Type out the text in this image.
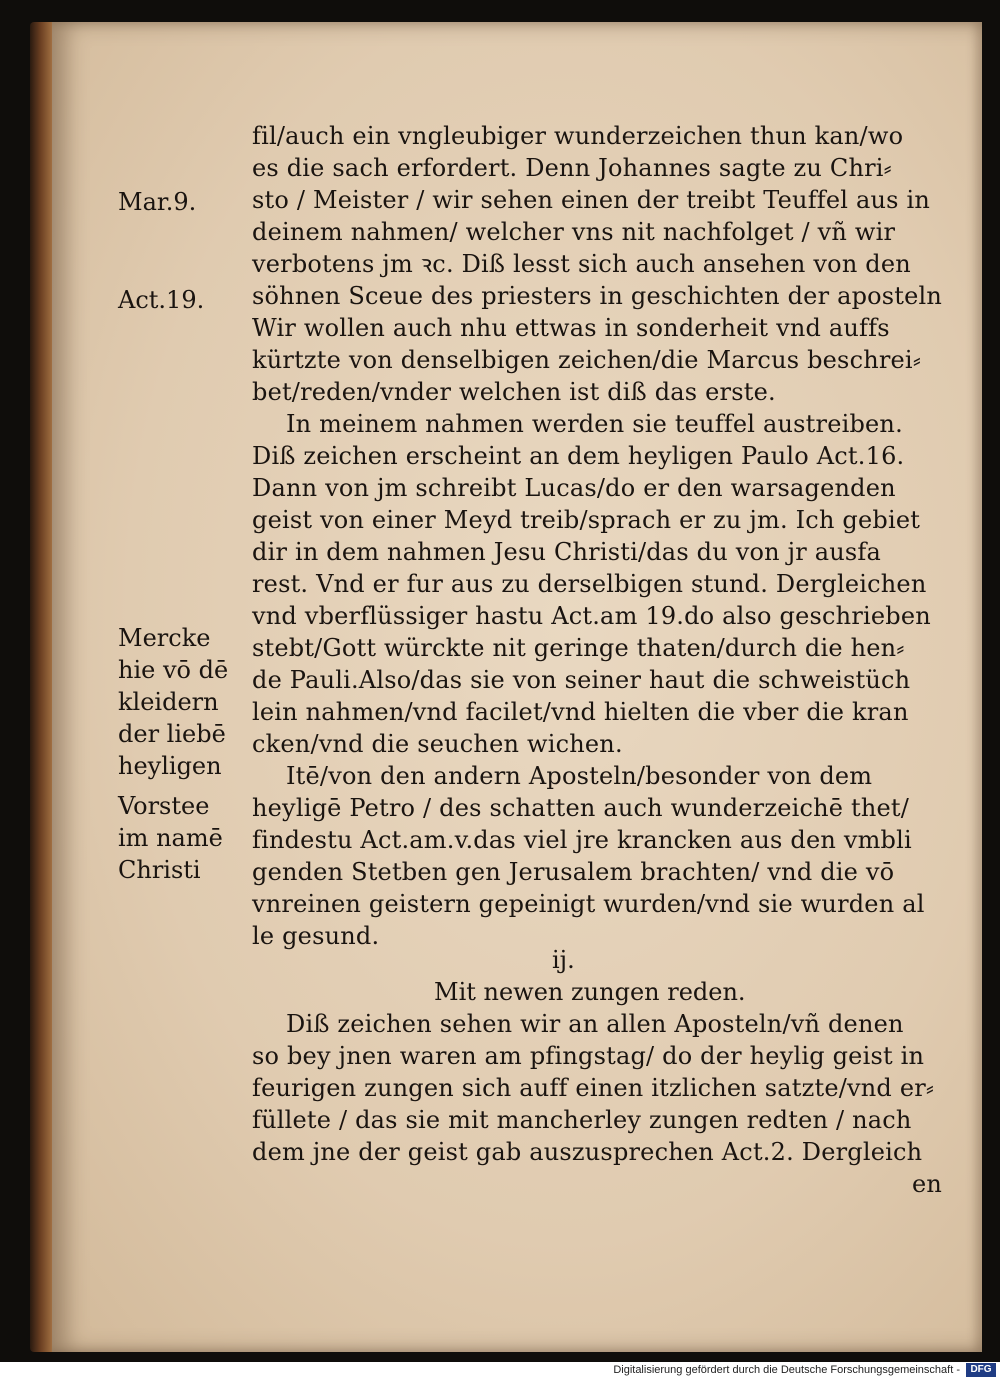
fil/auch ein vngleubiger wunderzeichen thun kan/wo

es die sach erfordert. Denn Johannes sagte zu Chri⸗

sto / Meister / wir sehen einen der treibt Teuffel aus in

deinem nahmen/ welcher vns nit nachfolget / vñ wir

verbotens jm ꝛc. Diß lesst sich auch ansehen von den

söhnen Sceue des priesters in geschichten der aposteln

Wir wollen auch nhu ettwas in sonderheit vnd auffs

kürtzte von denselbigen zeichen/die Marcus beschrei⸗

bet/reden/vnder welchen ist diß das erste.

In meinem nahmen werden sie teuffel austreiben.

Diß zeichen erscheint an dem heyligen Paulo Act.16.

Dann von jm schreibt Lucas/do er den warsagenden

geist von einer Meyd treib/sprach er zu jm. Ich gebiet

dir in dem nahmen Jesu Christi/das du von jr ausfa

rest. Vnd er fur aus zu derselbigen stund. Dergleichen

vnd vberflüssiger hastu Act.am 19.do also geschrieben

stebt/Gott würckte nit geringe thaten/durch die hen⸗

de Pauli.Also/das sie von seiner haut die schweistüch

lein nahmen/vnd facilet/vnd hielten die vber die kran

cken/vnd die seuchen wichen.

Itē/von den andern Aposteln/besonder von dem

heyligē Petro / des schatten auch wunderzeichē thet/

findestu Act.am.v.das viel jre krancken aus den vmbli

genden Stetben gen Jerusalem brachten/ vnd die vō

vnreinen geistern gepeinigt wurden/vnd sie wurden al

le gesund.

ij.

Mit newen zungen reden.

Diß zeichen sehen wir an allen Aposteln/vñ denen

so bey jnen waren am pfingstag/ do der heylig geist in

feurigen zungen sich auff einen itzlichen satzte/vnd er⸗

füllete / das sie mit mancherley zungen redten / nach

dem jne der geist gab auszusprechen Act.2. Dergleich

en

Mar.9.

Act.19.

Mercke

hie vō dē

kleidern

der liebē

heyligen

Vorstee

im namē

Christi

Digitalisierung gefördert durch die Deutsche Forschungsgemeinschaft -	DFG
